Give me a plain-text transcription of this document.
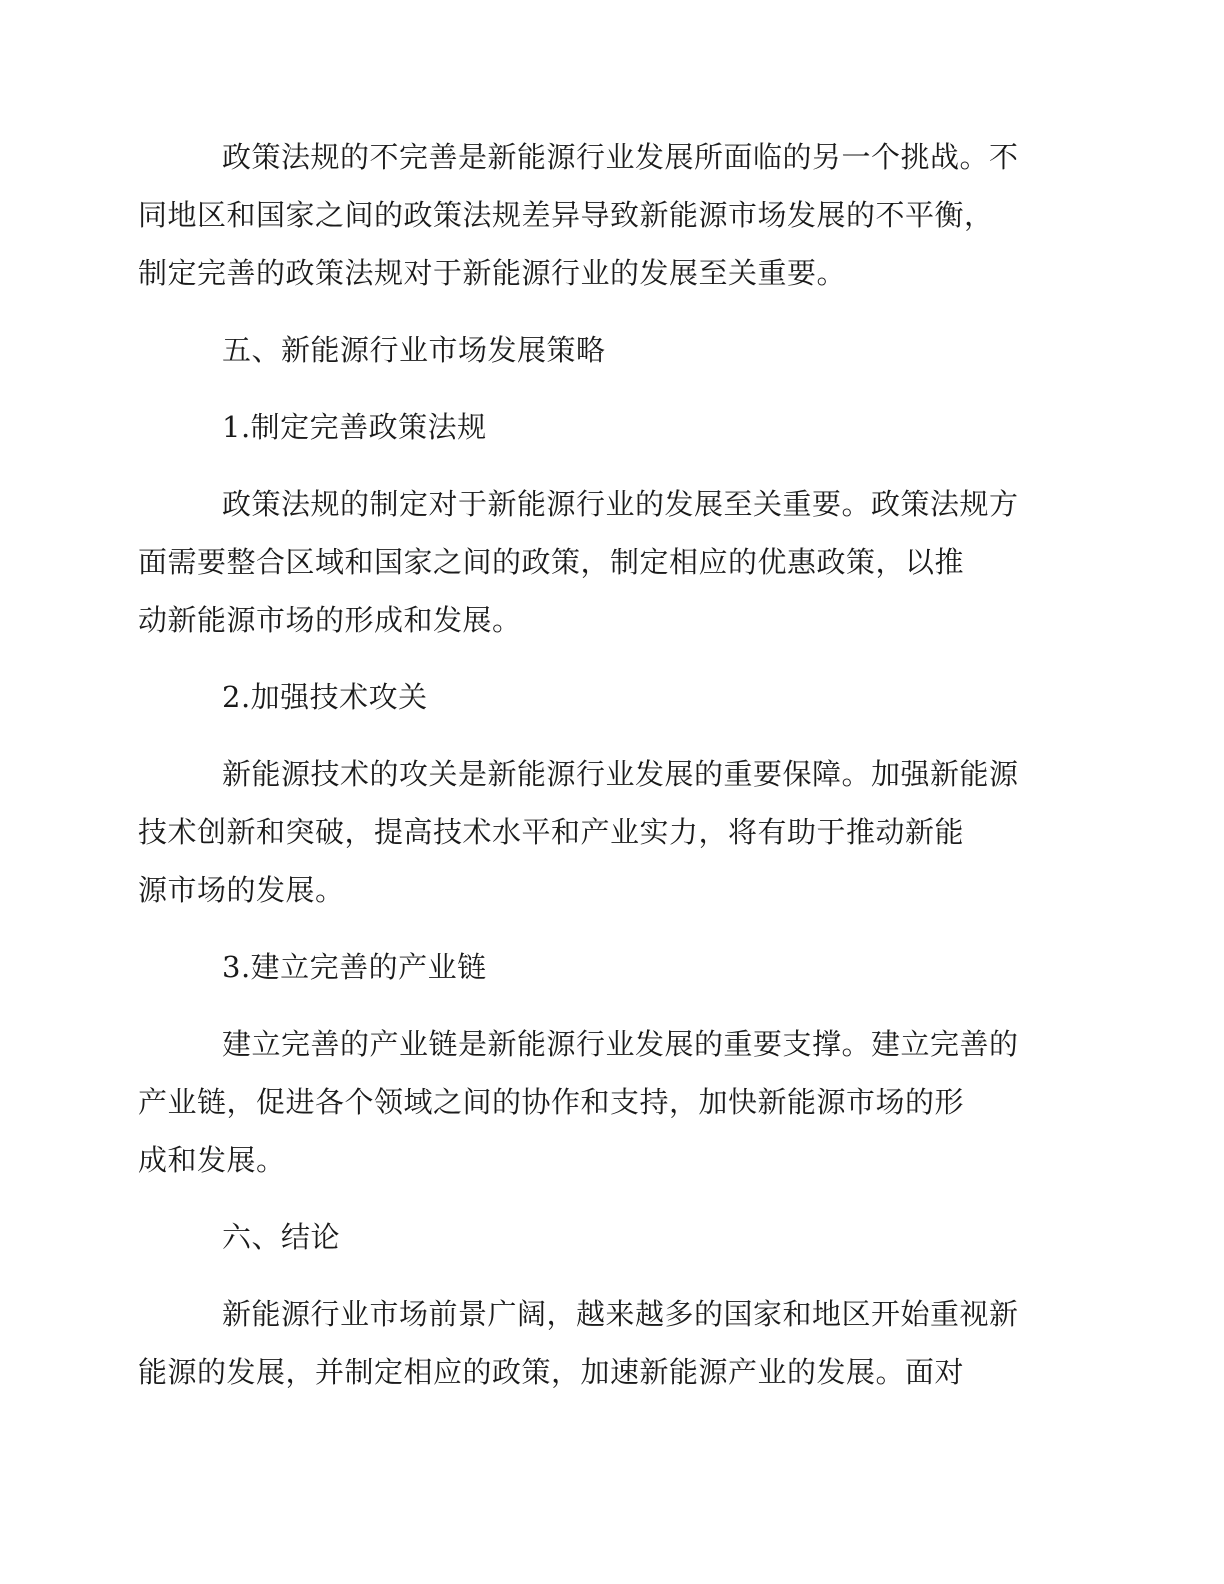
政策法规的不完善是新能源行业发展所面临的另一个挑战。不
同地区和国家之间的政策法规差异导致新能源市场发展的不平衡，
制定完善的政策法规对于新能源行业的发展至关重要。

五、新能源行业市场发展策略
1.制定完善政策法规

政策法规的制定对于新能源行业的发展至关重要。政策法规方
面需要整合区域和国家之间的政策，制定相应的优惠政策，以推
动新能源市场的形成和发展。

2.加强技术攻关

新能源技术的攻关是新能源行业发展的重要保障。加强新能源
技术创新和突破，提高技术水平和产业实力，将有助于推动新能
源市场的发展。

3.建立完善的产业链

建立完善的产业链是新能源行业发展的重要支撑。建立完善的
产业链，促进各个领域之间的协作和支持，加快新能源市场的形
成和发展。

六、结论

新能源行业市场前景广阔，越来越多的国家和地区开始重视新
能源的发展，并制定相应的政策，加速新能源产业的发展。面对
